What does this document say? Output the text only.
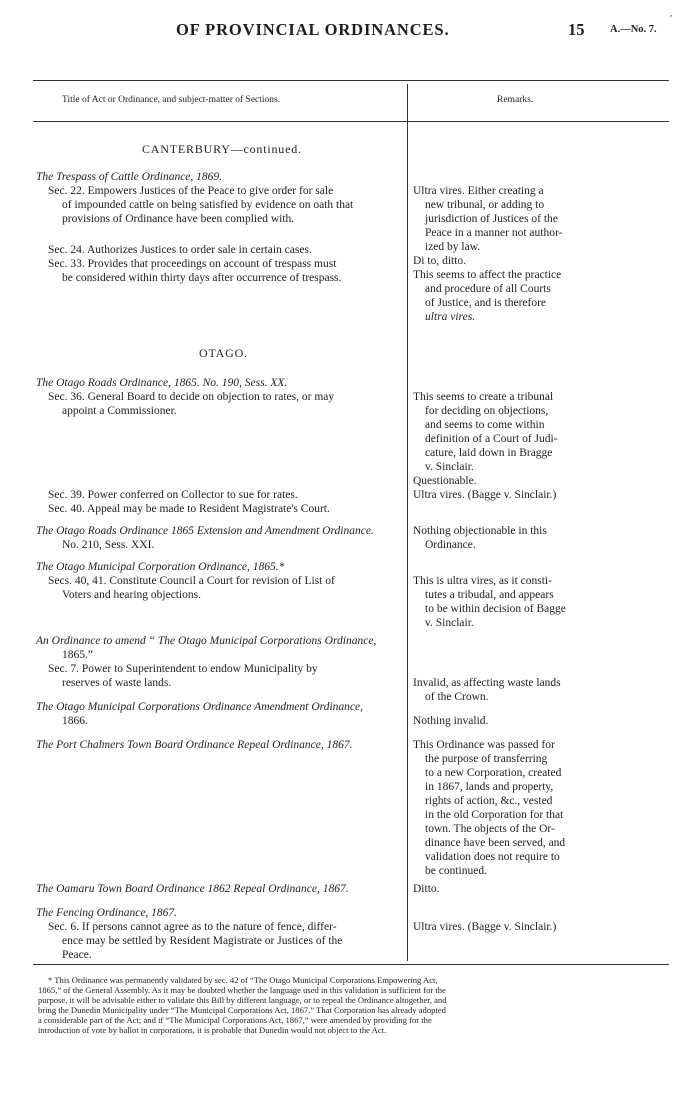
OF PROVINCIAL ORDINANCES.	15 A.—No. 7.
′
Title of Act or Ordinance, and subject-matter of Sections.	Remarks.
CANTERBURY—continued.
The Trespass of Cattle Ordinance, 1869.
Sec. 22. Empowers Justices of the Peace to give order for sale
of impounded cattle on being satisfied by evidence on oath that
provisions of Ordinance have been complied with.
Sec. 24. Authorizes Justices to order sale in certain cases.
Sec. 33. Provides that proceedings on account of trespass must
be considered within thirty days after occurrence of trespass.
Ultra vires. Either creating a
new tribunal, or adding to
jurisdiction of Justices of the
Peace in a manner not author-
ized by law.
Di to, ditto.
This seems to affect the practice
and procedure of all Courts
of Justice, and is therefore
ultra vires.
OTAGO.
The Otago Roads Ordinance, 1865. No. 190, Sess. XX.
Sec. 36. General Board to decide on objection to rates, or may
appoint a Commissioner.
Sec. 39. Power conferred on Collector to sue for rates.
Sec. 40. Appeal may be made to Resident Magistrate's Court.
The Otago Roads Ordinance 1865 Extension and Amendment Ordinance.
No. 210, Sess. XXI.
The Otago Municipal Corporation Ordinance, 1865.*
Secs. 40, 41. Constitute Council a Court for revision of List of
Voters and hearing objections.
An Ordinance to amend “ The Otago Municipal Corporations Ordinance,
1865.”
Sec. 7. Power to Superintendent to endow Municipality by
reserves of waste lands.
The Otago Municipal Corporations Ordinance Amendment Ordinance,
1866.
The Port Chalmers Town Board Ordinance Repeal Ordinance, 1867.
The Oamaru Town Board Ordinance 1862 Repeal Ordinance, 1867.
The Fencing Ordinance, 1867.
Sec. 6. If persons cannot agree as to the nature of fence, differ-
ence may be settled by Resident Magistrate or Justices of the
Peace.
This seems to create a tribunal
for deciding on objections,
and seems to come within
definition of a Court of Judi-
cature, laid down in Bragge
v. Sinclair.
Questionable.
Ultra vires. (Bagge v. Sinclair.)
Nothing objectionable in this
Ordinance.
This is ultra vires, as it consti-
tutes a tribudal, and appears
to be within decision of Bagge
v. Sinclair.
Invalid, as affecting waste lands
of the Crown.
Nothing invalid.
This Ordinance was passed for
the purpose of transferring
to a new Corporation, created
in 1867, lands and property,
rights of action, &c., vested
in the old Corporation for that
town. The objects of the Or-
dinance have been served, and
validation does not require to
be continued.
Ditto.
Ultra vires. (Bagge v. Sinclair.)
* This Ordinance was permanently validated by sec. 42 of “The Otago Municipal Corporations Empowering Act,
1865,” of the General Assembly. As it may be doubted whether the language used in this validation is sufficient for the
purpose, it will be advisable either to validate this Bill by different language, or to repeal the Ordinance altogether, and
bring the Dunedin Municipality under “The Municipal Corporations Act, 1867.” That Corporation has already adopted
a considerable part of the Act; and if “The Municipal Corporations Act, 1867,” were amended by providing for the
introduction of vote by ballot in corporations, it is probable that Dunedin would not object to the Act.
